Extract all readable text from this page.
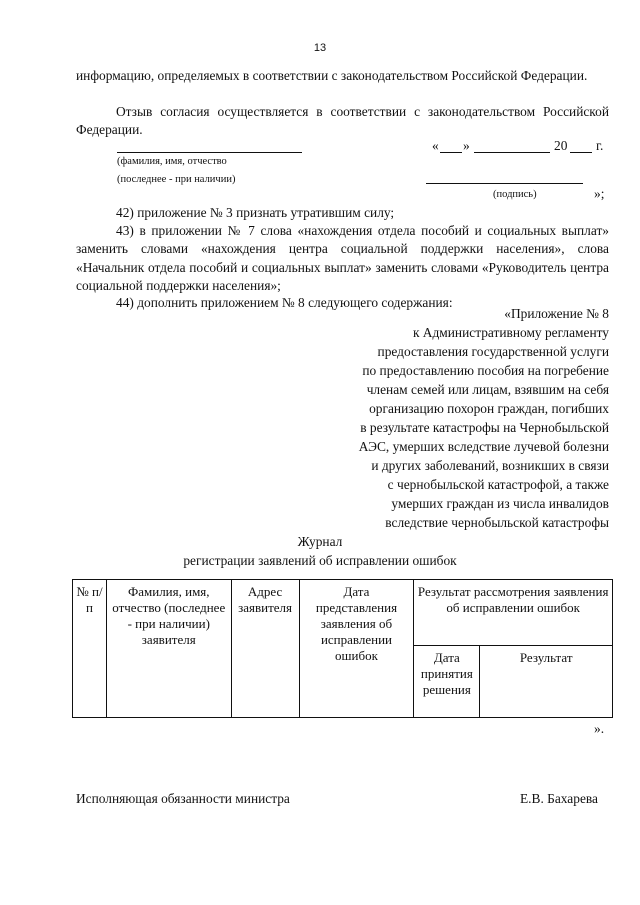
13
информацию, определяемых в соответствии с законодательством Российской Федерации.
Отзыв согласия осуществляется в соответствии с законодательством Российской Федерации.
(фамилия, имя, отчество
(последнее - при наличии)
« »	20 г.
(подпись)	»;
42) приложение № 3 признать утратившим силу;
43) в приложении № 7 слова «нахождения отдела пособий и социальных выплат» заменить словами «нахождения центра социальной поддержки населения», слова «Начальник отдела пособий и социальных выплат» заменить словами «Руководитель центра социальной поддержки населения»;
44) дополнить приложением № 8 следующего содержания:
«Приложение № 8
к Административному регламенту
предоставления государственной услуги
по предоставлению пособия на погребение
членам семей или лицам, взявшим на себя
организацию похорон граждан, погибших
в результате катастрофы на Чернобыльской
АЭС, умерших вследствие лучевой болезни
и других заболеваний, возникших в связи
с чернобыльской катастрофой, а также
умерших граждан из числа инвалидов
вследствие чернобыльской катастрофы
Журнал
регистрации заявлений об исправлении ошибок
№ п/п	Фамилия, имя, отчество (последнее - при наличии) заявителя	Адрес заявителя	Дата представления заявления об исправлении ошибок	Результат рассмотрения заявления об исправлении ошибок	
				Дата принятия решения	Результат
».
Исполняющая обязанности министра	Е.В. Бахарева
